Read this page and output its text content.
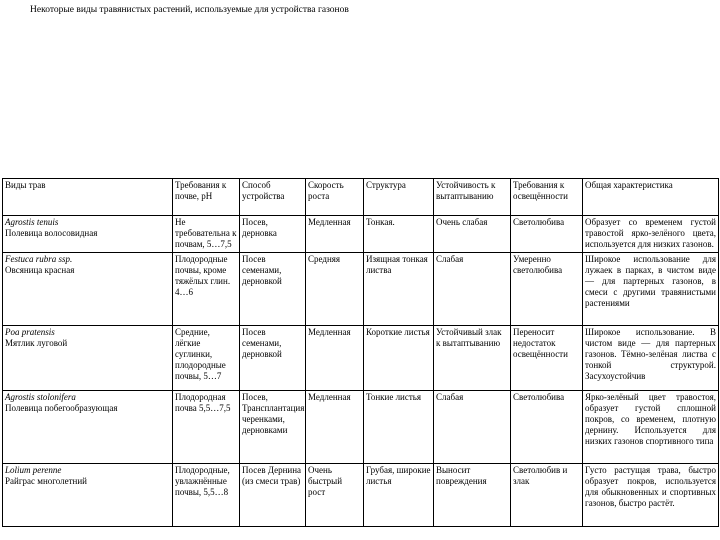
Некоторые виды травянистых растений, используемые для устройства газонов
Виды трав	Требования к почве, pH	Способ устройства	Скорость роста	Структура	Устойчивость к вытаптыванию	Требования к освещённости	Общая характеристика

Agrostis tenuis
Полевица волосовидная	Не требовательна к почвам, 5…7,5	Посев, дерновка	Медленная	Тонкая.	Очень слабая	Светолюбива	Образует со временем густой травостой ярко-зелёного цвета, используется для низких газонов.

Festuca rubra ssp.
Овсяница красная	Плодородные почвы, кроме тяжёлых глин. 4…6	Посев семенами, дерновкой	Средняя	Изящная тонкая листва	Слабая	Умеренно светолюбива	Широкое использование для лужаек в парках, в чистом виде — для партерных газонов, в смеси с другими травянистыми растениями

Poa pratensis
Мятлик луговой	Средние, лёгкие суглинки, плодородные почвы, 5…7	Посев семенами, дерновкой	Медленная	Короткие листья	Устойчивый злак к вытаптыванию	Переносит недостаток освещённости	Широкое использование. В чистом виде — для партерных газонов. Тёмно-зелёная листва с тонкой структурой. Засухоустойчив

Agrostis stolonifera
Полевица побегообразующая	Плодородная почва 5,5…7,5	Посев, Трансплантация черенками, дерновками	Медленная	Тонкие листья	Слабая	Светолюбива	Ярко-зелёный цвет травостоя, образует густой сплошной покров, со временем, плотную дернину. Используется для низких газонов спортивного типа

Lolium perenne
Райграс многолетний	Плодородные, увлажнённые почвы, 5,5…8	Посев Дернина (из смеси трав)	Очень быстрый рост	Грубая, широкие листья	Выносит повреждения	Светолюбив и злак	Густо растущая трава, быстро образует покров, используется для обыкновенных и спортивных газонов, быстро растёт.
